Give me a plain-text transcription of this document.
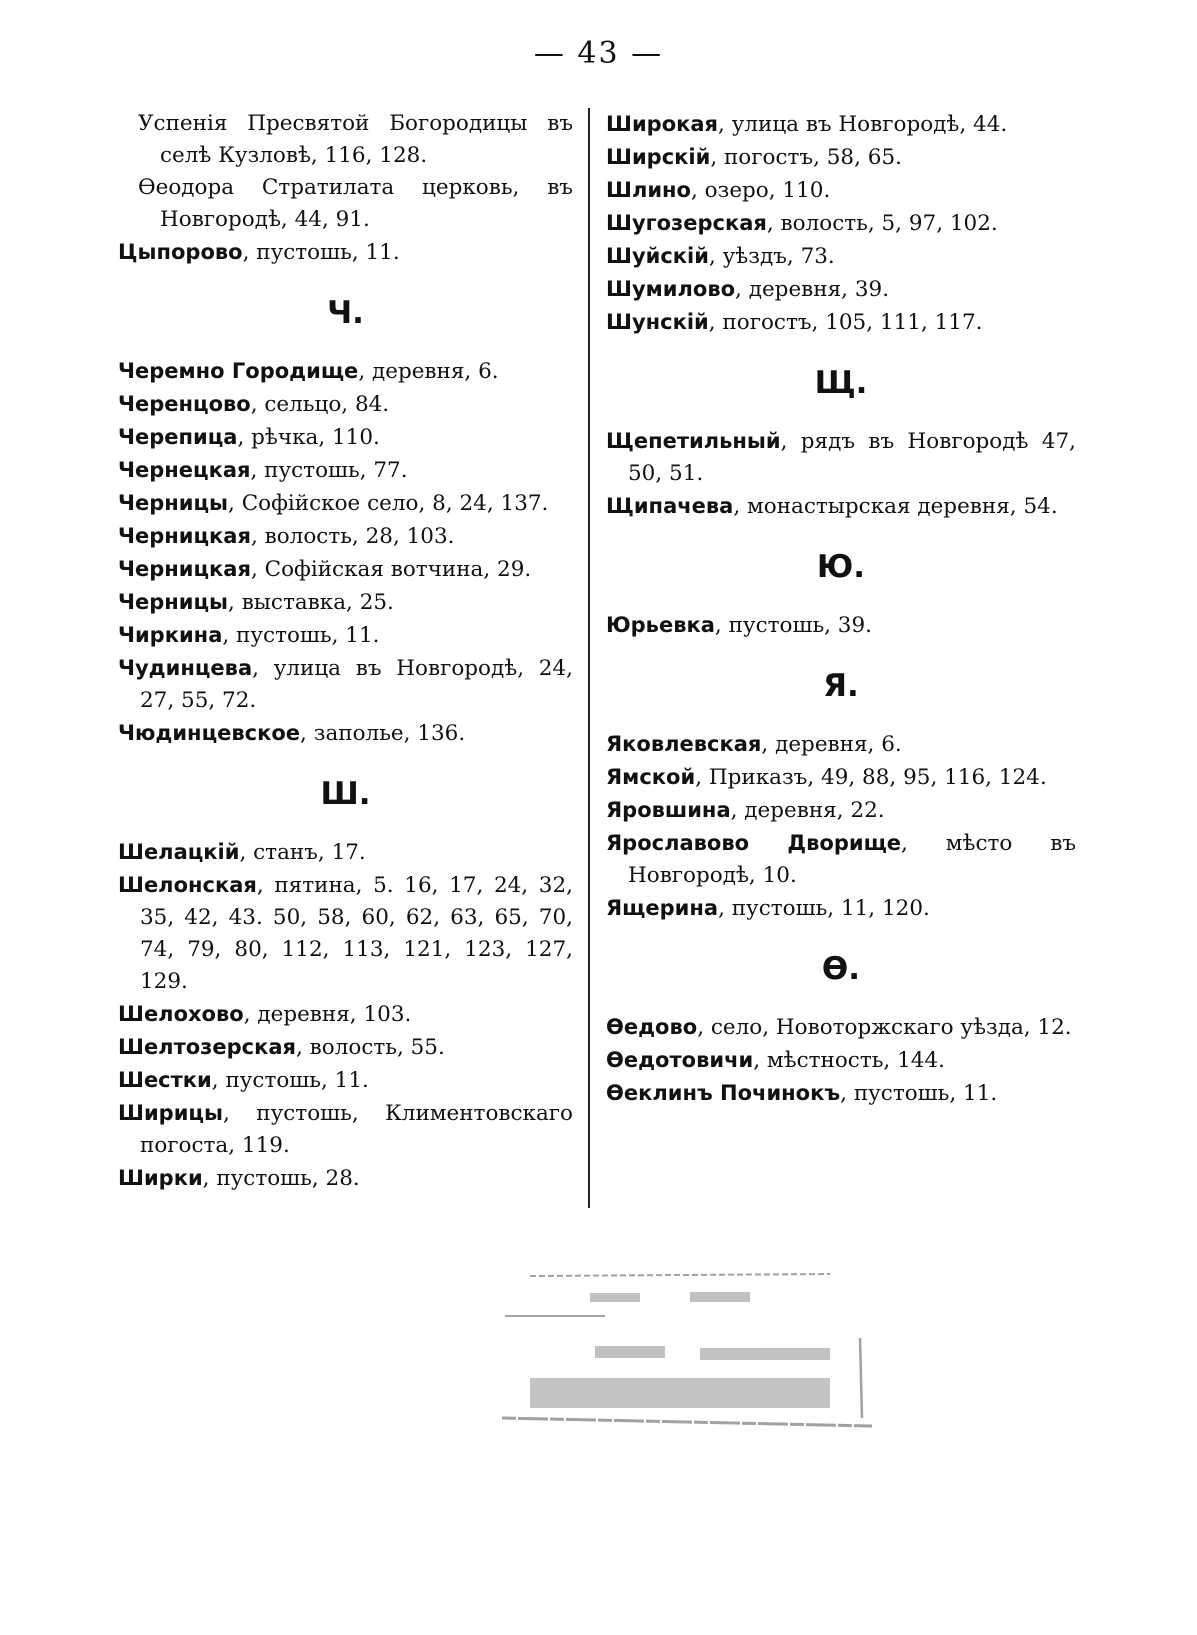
— 43 —
Успенія Пресвятой Богородицы въ селѣ Кузловѣ, 116, 128.
Ѳеодора Стратилата церковь, въ Новгородѣ, 44, 91.
Цыпорово, пустошь, 11.
Ч.
Черемно Городище, деревня, 6.
Черенцово, сельцо, 84.
Черепица, рѣчка, 110.
Чернецкая, пустошь, 77.
Черницы, Софійское село, 8, 24, 137.
Черницкая, волость, 28, 103.
Черницкая, Софійская вотчина, 29.
Черницы, выставка, 25.
Чиркина, пустошь, 11.
Чудинцева, улица въ Новгородѣ, 24, 27, 55, 72.
Чюдинцевское, заполье, 136.
Ш.
Шелацкій, станъ, 17.
Шелонская, пятина, 5. 16, 17, 24, 32, 35, 42, 43. 50, 58, 60, 62, 63, 65, 70, 74, 79, 80, 112, 113, 121, 123, 127, 129.
Шелохово, деревня, 103.
Шелтозерская, волость, 55.
Шестки, пустошь, 11.
Ширицы, пустошь, Климентовскаго погоста, 119.
Ширки, пустошь, 28.
Широкая, улица въ Новгородѣ, 44.
Ширскій, погостъ, 58, 65.
Шлино, озеро, 110.
Шугозерская, волость, 5, 97, 102.
Шуйскій, уѣздъ, 73.
Шумилово, деревня, 39.
Шунскій, погостъ, 105, 111, 117.
Щ.
Щепетильный, рядъ въ Новгородѣ 47, 50, 51.
Щипачева, монастырская деревня, 54.
Ю.
Юрьевка, пустошь, 39.
Я.
Яковлевская, деревня, 6.
Ямской, Приказъ, 49, 88, 95, 116, 124.
Яровшина, деревня, 22.
Ярославово Дворище, мѣсто въ Новгородѣ, 10.
Ящерина, пустошь, 11, 120.
Ѳ.
Ѳедово, село, Новоторжскаго уѣзда, 12.
Ѳедотовичи, мѣстность, 144.
Ѳеклинъ Починокъ, пустошь, 11.
